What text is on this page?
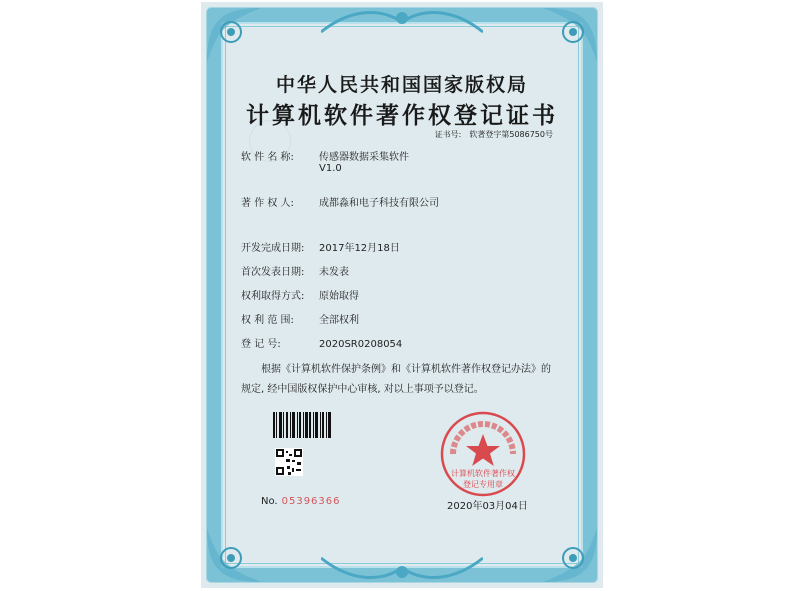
中华人民共和国国家版权局
计算机软件著作权登记证书
证书号: 软著登字第5086750号
软 件 名 称:	传感器数据采集软件
V1.0
著 作 权 人:	成都淼和电子科技有限公司
开发完成日期: 2017年12月18日
首次发表日期: 未发表
权利取得方式: 原始取得
权 利 范 围:	全部权利
登 记 号:	2020SR0208054
根据《计算机软件保护条例》和《计算机软件著作权登记办法》的
规定, 经中国版权保护中心审核, 对以上事项予以登记。
No. 05396366
计算机软件著作权
登记专用章
2020年03月04日
